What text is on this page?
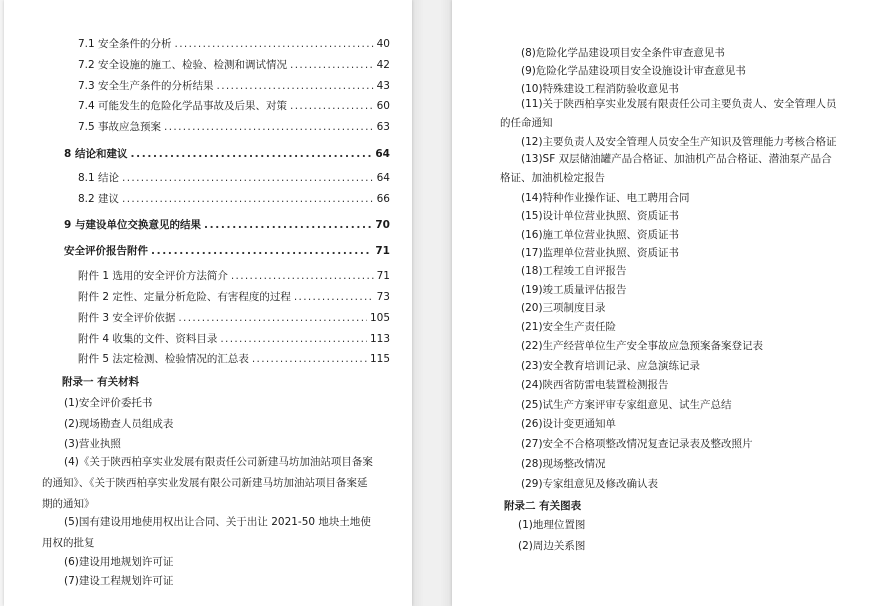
7.1 安全条件的分析 . . .	40
7.2 安全设施的施工、检验、检测和调试情况 . . .	42
7.3 安全生产条件的分析结果 . . .	43
7.4 可能发生的危险化学品事故及后果、对策 . . .	60
7.5 事故应急预案 . . .	63
8 结论和建议 . . .	64
8.1 结论 . . .	64
8.2 建议 . . .	66
9 与建设单位交换意见的结果 . . .	70
安全评价报告附件 . . .	71
附件 1 选用的安全评价方法简介 . . .	71
附件 2 定性、定量分析危险、有害程度的过程 . . .	73
附件 3 安全评价依据 . . .	105
附件 4 收集的文件、资料目录 . . .	113
附件 5 法定检测、检验情况的汇总表 . . .	115
附录一 有关材料
(1)安全评价委托书
(2)现场勘查人员组成表
(3)营业执照
(4)《关于陕西柏享实业发展有限责任公司新建马坊加油站项目备案的通知》、《关于陕西柏享实业发展有限公司新建马坊加油站项目备案延期的通知》
(5)国有建设用地使用权出让合同、关于出让 2021-50 地块土地使用权的批复
(6)建设用地规划许可证
(7)建设工程规划许可证
(8)危险化学品建设项目安全条件审查意见书
(9)危险化学品建设项目安全设施设计审查意见书
(10)特殊建设工程消防验收意见书
(11)关于陕西柏享实业发展有限责任公司主要负责人、安全管理人员的任命通知
(12)主要负责人及安全管理人员安全生产知识及管理能力考核合格证
(13)SF 双层储油罐产品合格证、加油机产品合格证、潜油泵产品合格证、加油机检定报告
(14)特种作业操作证、电工聘用合同
(15)设计单位营业执照、资质证书
(16)施工单位营业执照、资质证书
(17)监理单位营业执照、资质证书
(18)工程竣工自评报告
(19)竣工质量评估报告
(20)三项制度目录
(21)安全生产责任险
(22)生产经营单位生产安全事故应急预案备案登记表
(23)安全教育培训记录、应急演练记录
(24)陕西省防雷电装置检测报告
(25)试生产方案评审专家组意见、试生产总结
(26)设计变更通知单
(27)安全不合格项整改情况复查记录表及整改照片
(28)现场整改情况
(29)专家组意见及修改确认表
附录二 有关图表
(1)地理位置图
(2)周边关系图
